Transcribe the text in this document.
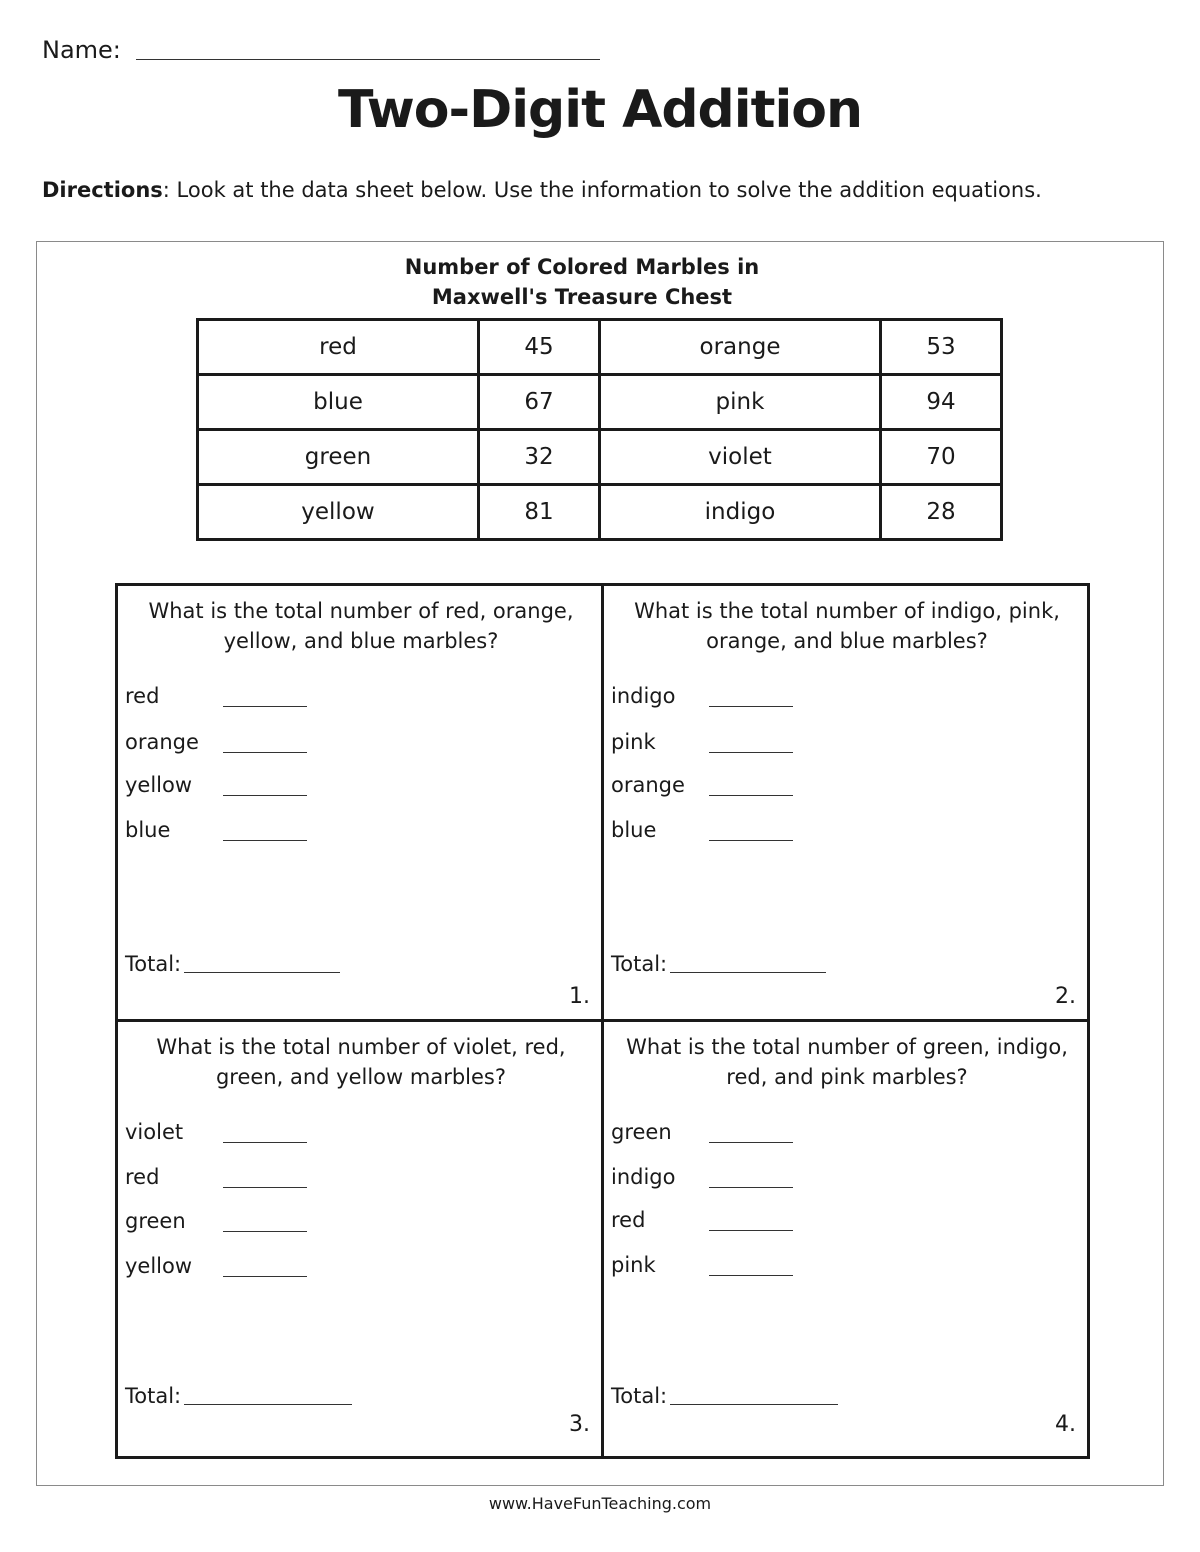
Name:
Two-Digit Addition
Directions: Look at the data sheet below. Use the information to solve the addition equations.
Number of Colored Marbles in
Maxwell's Treasure Chest
red	45	orange	53
blue	67	pink	94
green	32	violet	70
yellow	81	indigo	28
What is the total number of red, orange, yellow, and blue marbles?
red
orange
yellow
blue
Total:
1.
What is the total number of indigo, pink, orange, and blue marbles?
indigo
pink
orange
blue
Total:
2.
What is the total number of violet, red, green, and yellow marbles?
violet
red
green
yellow
Total:
3.
What is the total number of green, indigo, red, and pink marbles?
green
indigo
red
pink
Total:
4.
www.HaveFunTeaching.com
